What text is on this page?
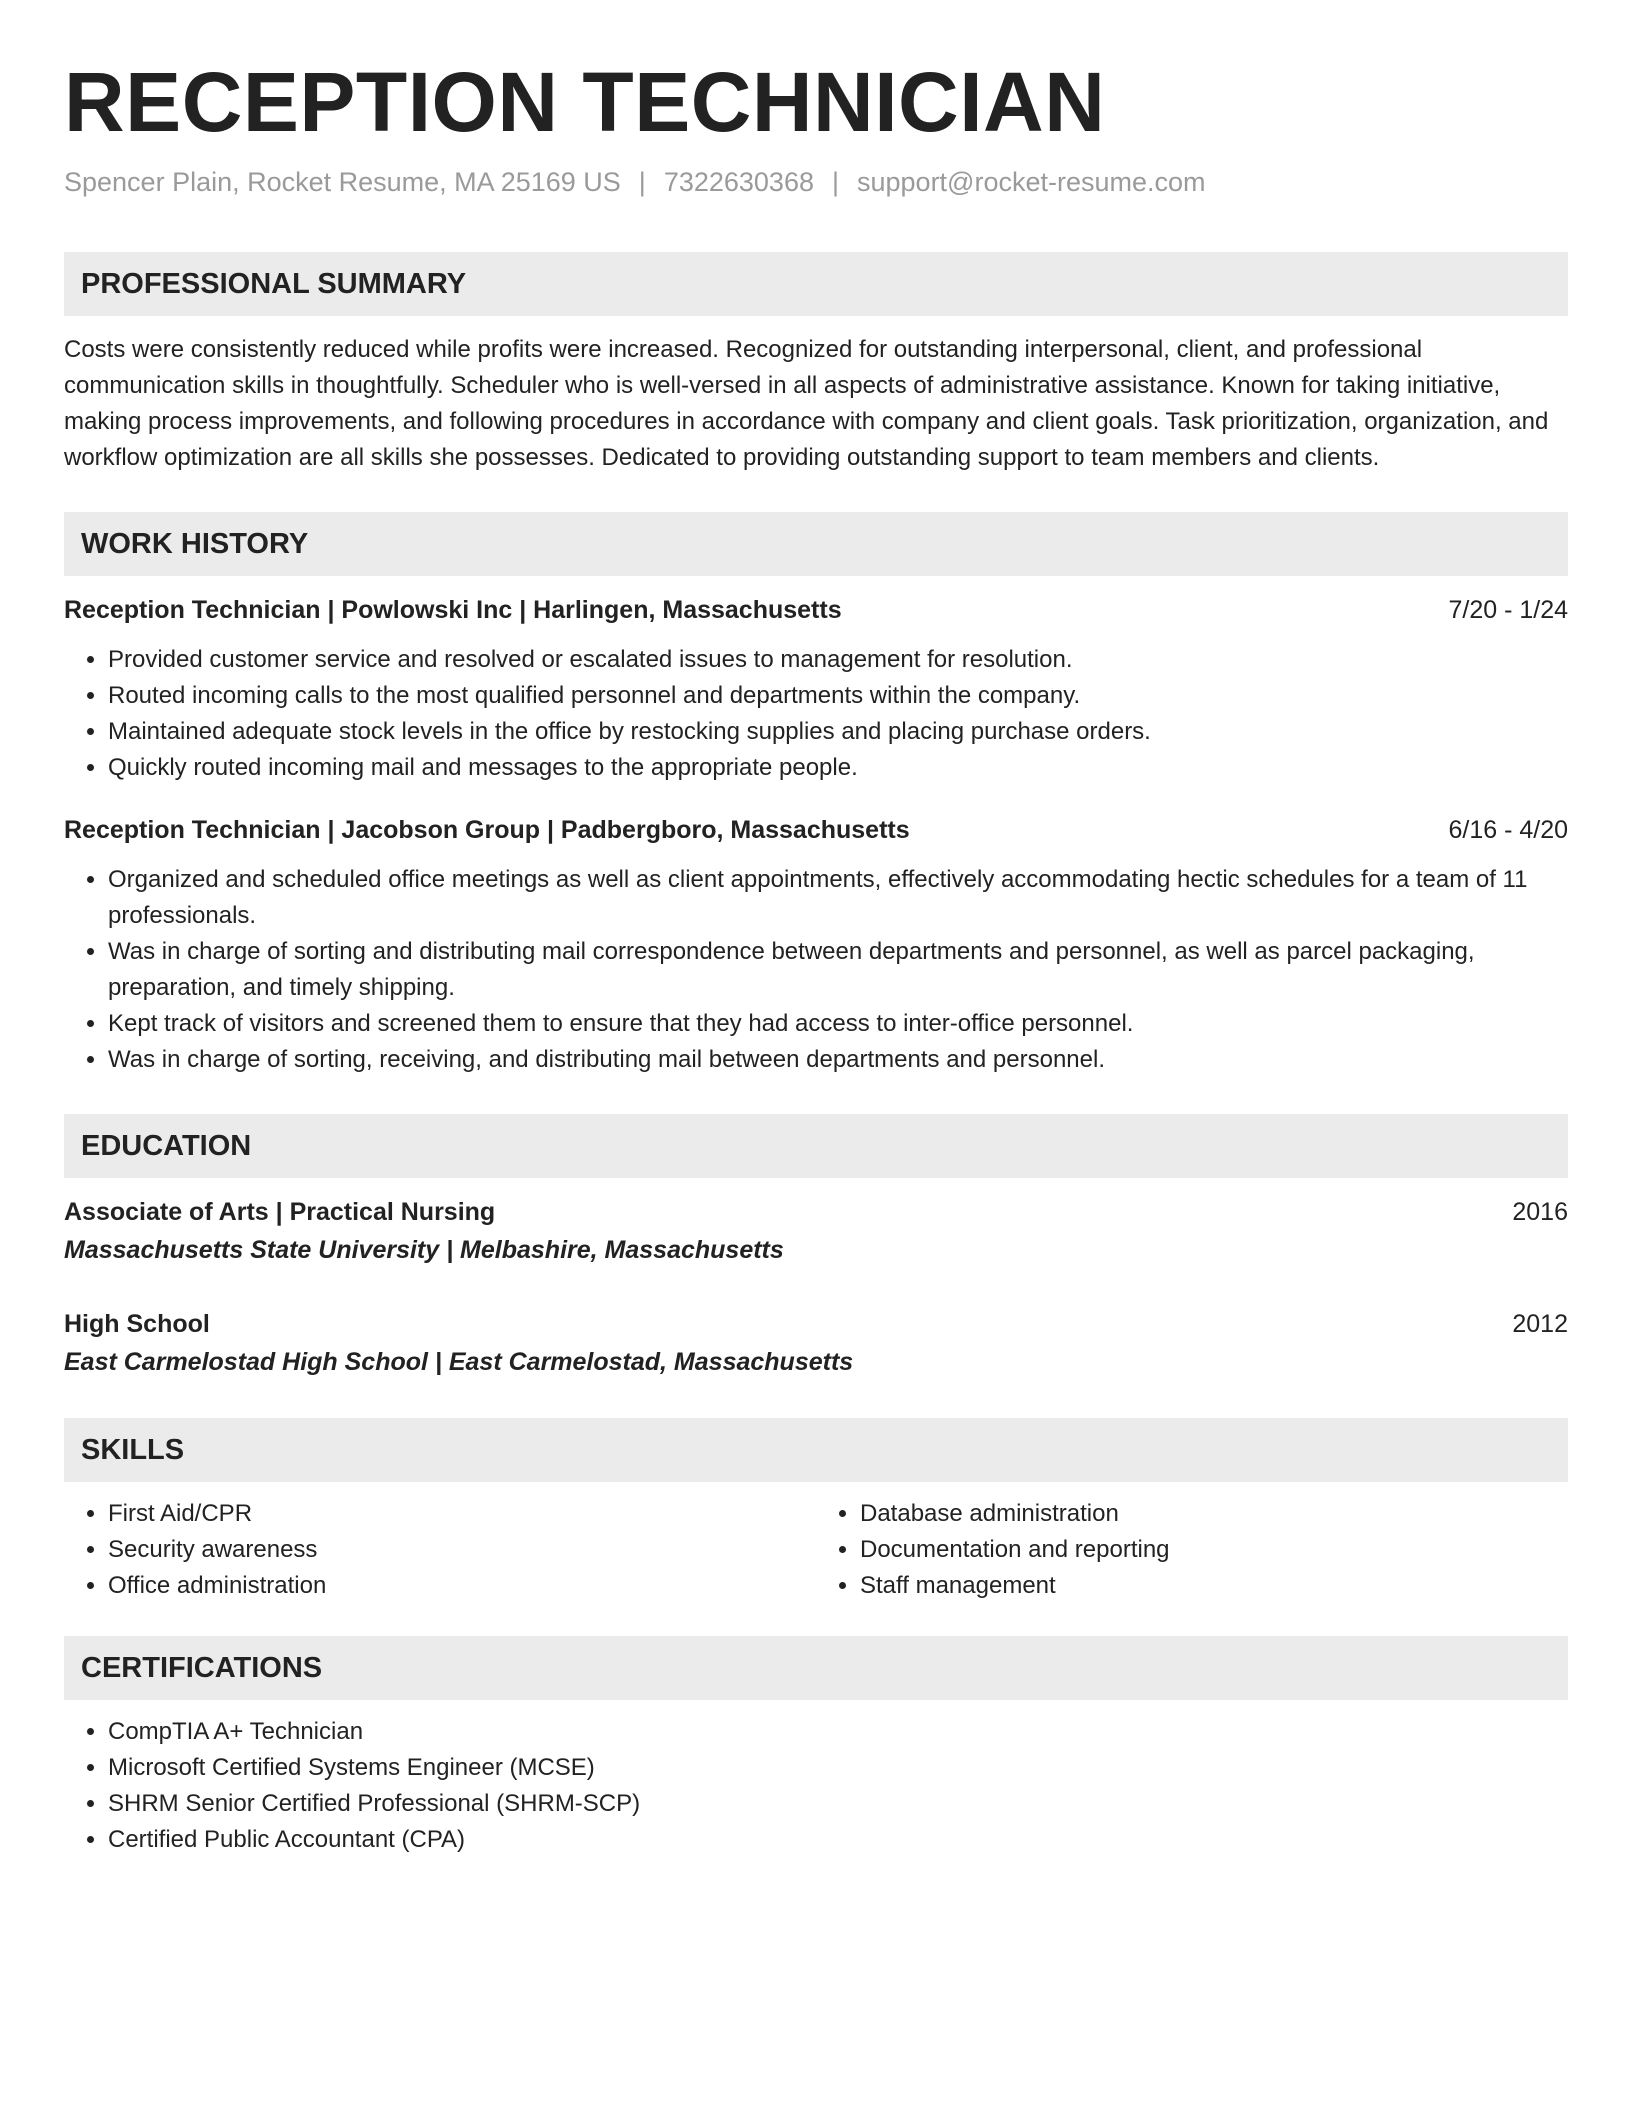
RECEPTION TECHNICIAN
Spencer Plain, Rocket Resume, MA 25169 US | 7322630368 | support@rocket-resume.com
PROFESSIONAL SUMMARY
Costs were consistently reduced while profits were increased. Recognized for outstanding interpersonal, client, and professional communication skills in thoughtfully. Scheduler who is well-versed in all aspects of administrative assistance. Known for taking initiative, making process improvements, and following procedures in accordance with company and client goals. Task prioritization, organization, and workflow optimization are all skills she possesses. Dedicated to providing outstanding support to team members and clients.
WORK HISTORY
Reception Technician | Powlowski Inc | Harlingen, Massachusetts	7/20 - 1/24
• Provided customer service and resolved or escalated issues to management for resolution.
• Routed incoming calls to the most qualified personnel and departments within the company.
• Maintained adequate stock levels in the office by restocking supplies and placing purchase orders.
• Quickly routed incoming mail and messages to the appropriate people.
Reception Technician | Jacobson Group | Padbergboro, Massachusetts	6/16 - 4/20
• Organized and scheduled office meetings as well as client appointments, effectively accommodating hectic schedules for a team of 11 professionals.
• Was in charge of sorting and distributing mail correspondence between departments and personnel, as well as parcel packaging, preparation, and timely shipping.
• Kept track of visitors and screened them to ensure that they had access to inter-office personnel.
• Was in charge of sorting, receiving, and distributing mail between departments and personnel.
EDUCATION
Associate of Arts | Practical Nursing	2016
Massachusetts State University | Melbashire, Massachusetts
High School	2012
East Carmelostad High School | East Carmelostad, Massachusetts
SKILLS
• First Aid/CPR
• Security awareness
• Office administration
• Database administration
• Documentation and reporting
• Staff management
CERTIFICATIONS
• CompTIA A+ Technician
• Microsoft Certified Systems Engineer (MCSE)
• SHRM Senior Certified Professional (SHRM-SCP)
• Certified Public Accountant (CPA)
